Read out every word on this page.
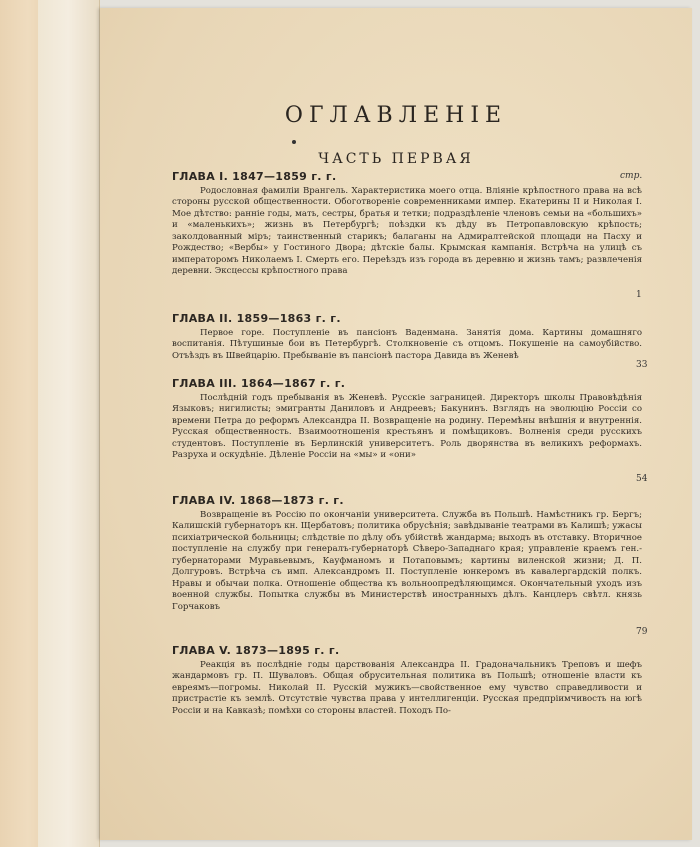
ОГЛАВЛЕНІЕ
ЧАСТЬ ПЕРВАЯ
стр.
ГЛАВА I. 1847—1859 г. г.
Родословная фамиліи Врангель. Характеристика моего отца. Вліяніе крѣпостного права на всѣ стороны русской общественности. Обоготвореніе современниками импер. Екатерины II и Николая I. Мое дѣтство: ранніе годы, мать, сестры, братья и тетки; подраздѣленіе членовъ семьи на «большихъ» и «маленькихъ»; жизнь въ Петербургѣ; поѣздки къ дѣду въ Петропавловскую крѣпость; заколдованный міръ; таинственный старикъ; балаганы на Адмиралтейской площади на Пасху и Рождество; «Вербы» у Гостиного Двора; дѣтскіе балы. Крымская кампанія. Встрѣча на улицѣ съ императоромъ Николаемъ I. Смерть его. Переѣздъ изъ города въ деревню и жизнь тамъ; развлеченія деревни. Эксцессы крѣпостного права
1
ГЛАВА II. 1859—1863 г. г.
Первое горе. Поступленіе въ пансіонъ Ваденмана. Занятія дома. Картины домашняго воспитанія. Пѣтушиные бои въ Петербургѣ. Столкновеніе съ отцомъ. Покушеніе на самоубійство. Отъѣздъ въ Швейцарію. Пребываніе въ пансіонѣ пастора Давида въ Женевѣ
33
ГЛАВА III. 1864—1867 г. г.
Послѣдній годъ пребыванія въ Женевѣ. Русскіе заграницей. Директоръ школы Правовѣдѣнія Языковъ; нигилисты; эмигранты Даниловъ и Андреевъ; Бакунинъ. Взглядъ на эволюцію Россіи со времени Петра до реформъ Александра II. Возвращеніе на родину. Перемѣны внѣшнія и внутреннія. Русская общественность. Взаимоотношенія крестьянъ и помѣщиковъ. Волненія среди русскихъ студентовъ. Поступленіе въ Берлинскій университетъ. Роль дворянства въ великихъ реформахъ. Разруха и оскудѣніе. Дѣленіе Россіи на «мы» и «они»
54
ГЛАВА IV. 1868—1873 г. г.
Возвращеніе въ Россію по окончаніи университета. Служба въ Польшѣ. Намѣстникъ гр. Бергъ; Калишскій губернаторъ кн. Щербатовъ; политика обрусѣнія; завѣдываніе театрами въ Калишѣ; ужасы психіатрической больницы; слѣдствіе по дѣлу объ убійствѣ жандарма; выходъ въ отставку. Вторичное поступленіе на службу при генералъ-губернаторѣ Сѣверо-Западнаго края; управленіе краемъ ген.-губернаторами Муравьевымъ, Кауфманомъ и Потаповымъ; картины виленской жизни; Д. П. Долгуровъ. Встрѣча съ имп. Александромъ II. Поступленіе юнкеромъ въ кавалергардскій полкъ. Нравы и обычаи полка. Отношеніе общества къ вольноопредѣляющимся. Окончательный уходъ изъ военной службы. Попытка службы въ Министерствѣ иностранныхъ дѣлъ. Канцлеръ свѣтл. князь Горчаковъ
79
ГЛАВА V. 1873—1895 г. г.
Реакція въ послѣдніе годы царствованія Александра II. Градоначальникъ Треповъ и шефъ жандармовъ гр. П. Шуваловъ. Общая обрусительная политика въ Польшѣ; отношеніе власти къ евреямъ—погромы. Николай II. Русскій мужикъ—свойственное ему чувство справедливости и пристрастіе къ землѣ. Отсутствіе чувства права у интеллигенціи. Русская предпріимчивость на югѣ Россіи и на Кавказѣ; помѣхи со стороны властей. Походъ По-
